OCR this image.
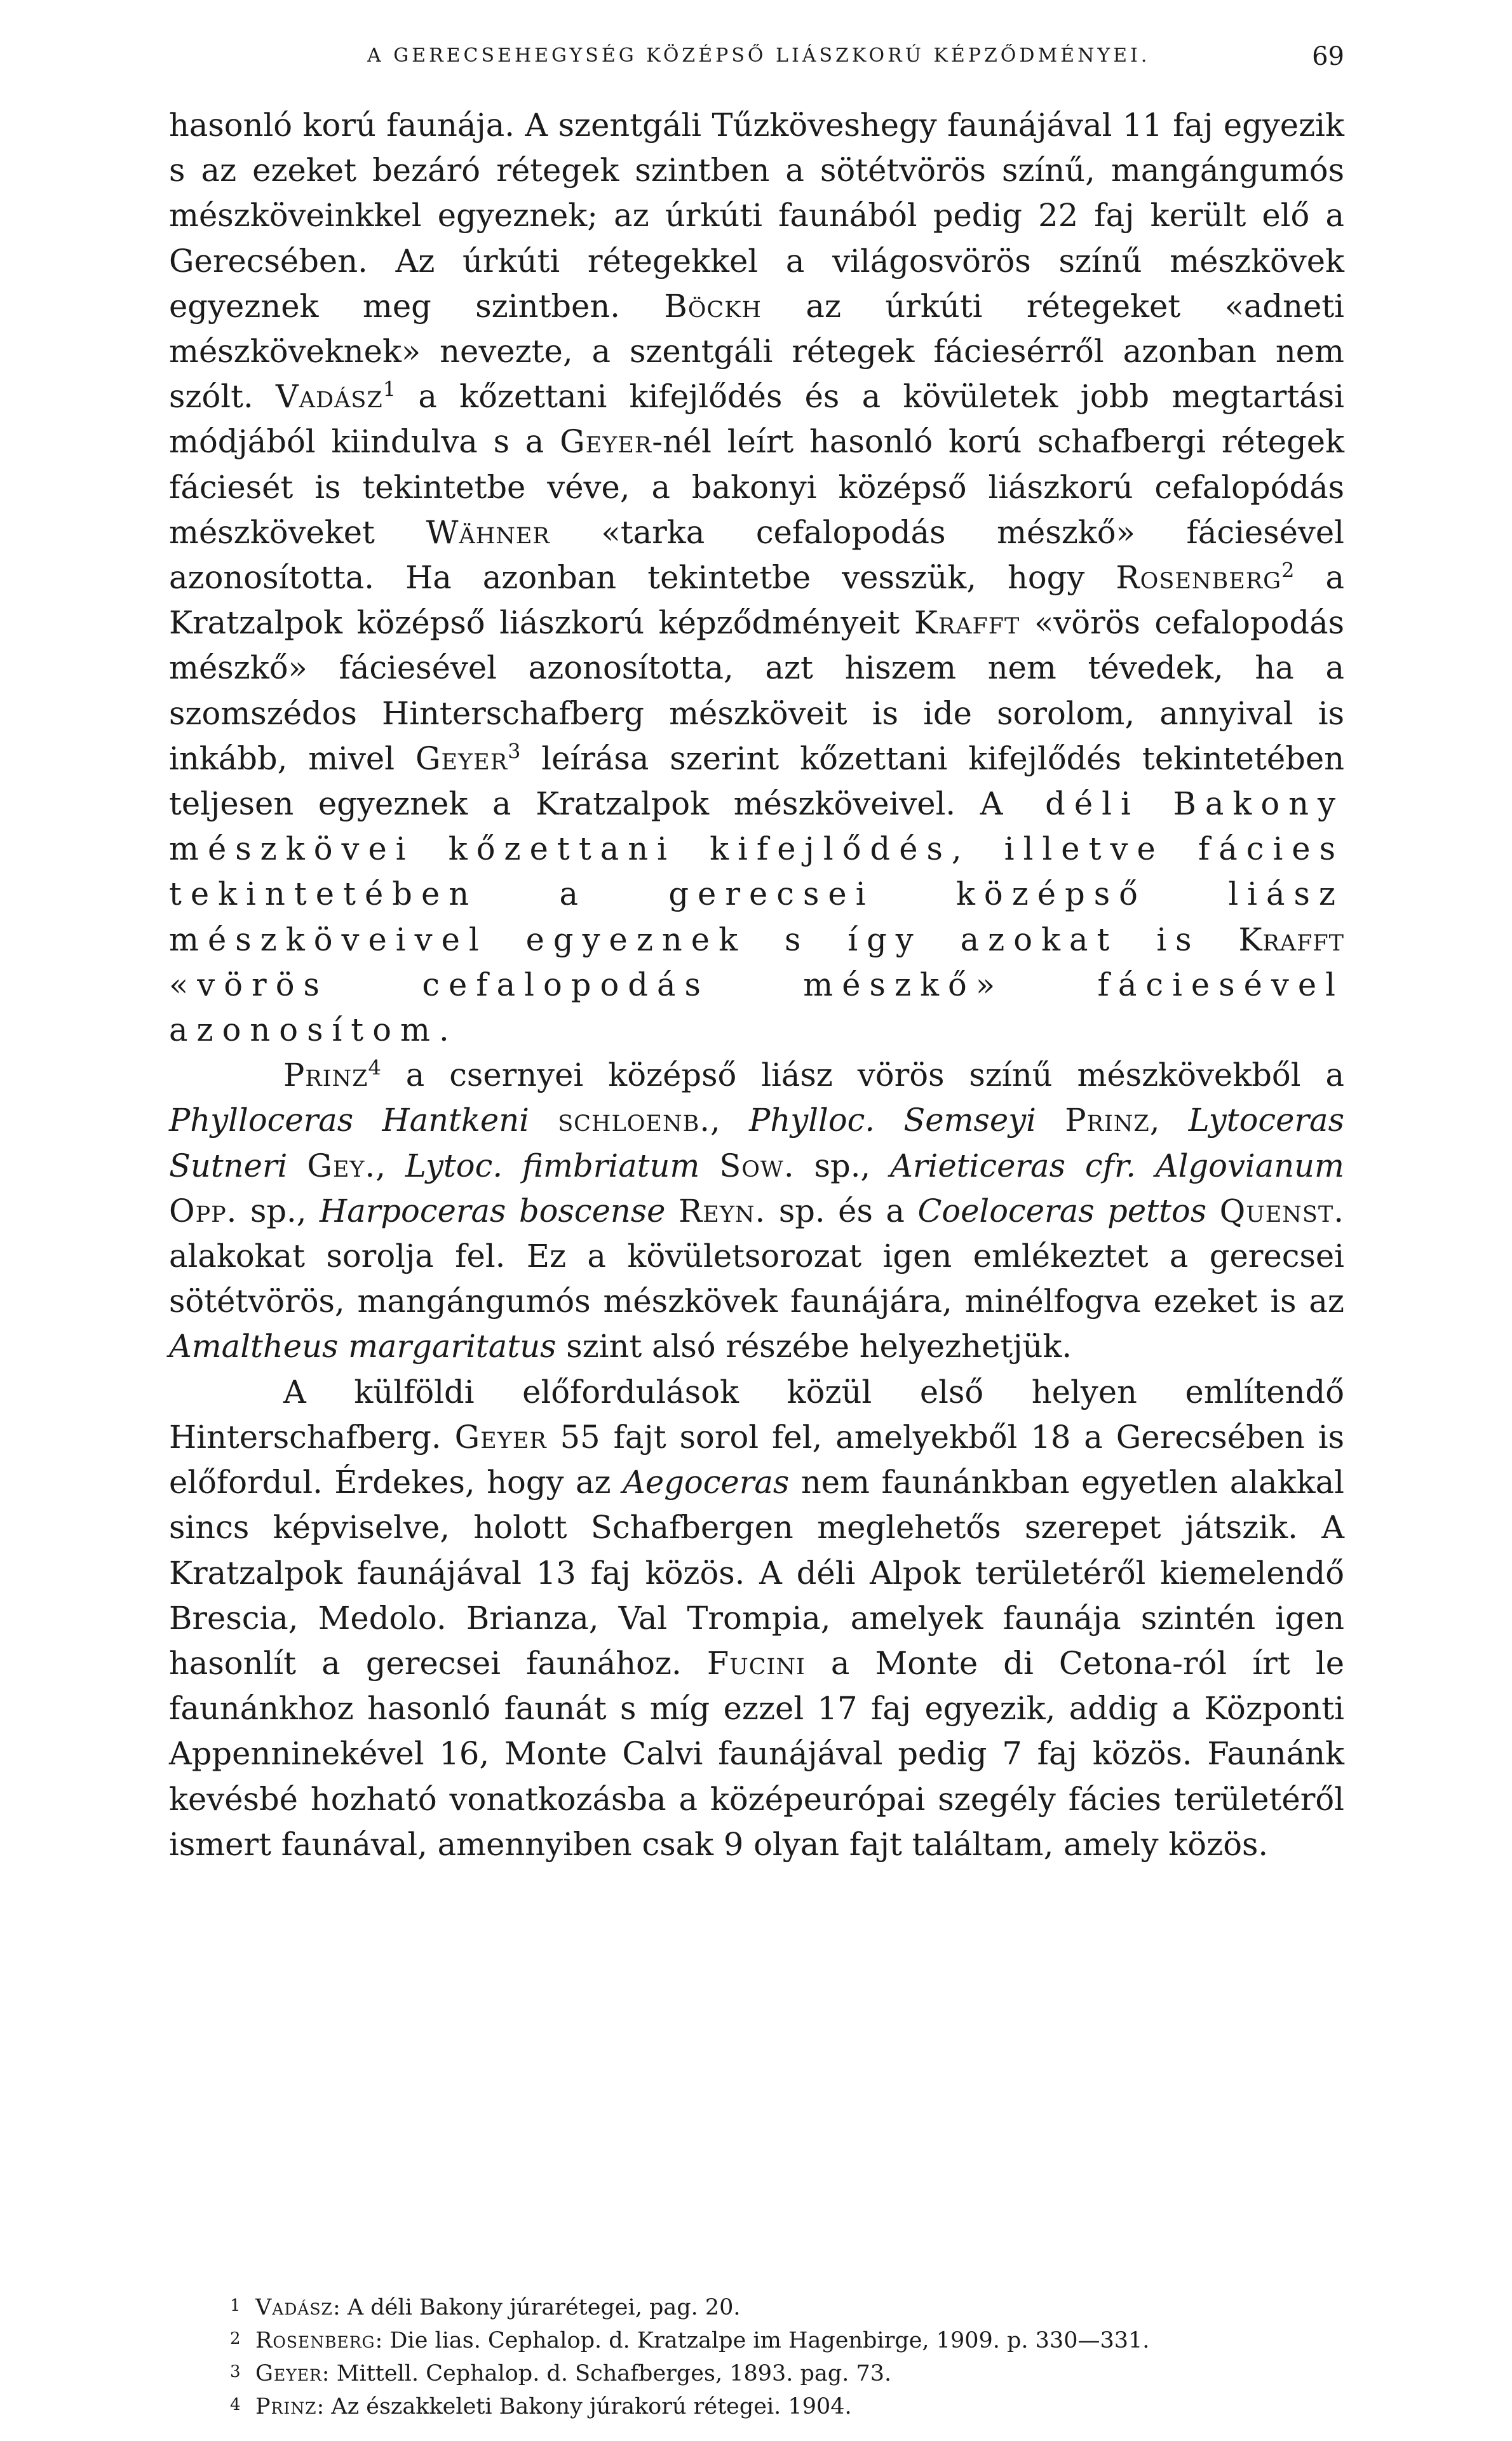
A GERECSEHEGYSÉG KÖZÉPSŐ LIÁSZKORÚ KÉPZŐDMÉNYEI.	69

hasonló korú faunája. A szentgáli Tűzköveshegy faunájával 11 faj egyezik s az ezeket bezáró rétegek szintben a sötétvörös színű, mangángumós mészköveinkkel egyeznek; az úrkúti faunából pedig 22 faj került elő a Gerecsében. Az úrkúti rétegekkel a világosvörös színű mészkövek egyeznek meg szintben. Böckh az úrkúti rétegeket «adneti mészköveknek» nevezte, a szentgáli rétegek fáciesérről azonban nem szólt. Vadász$^1$ a kőzettani kifejlődés és a kövületek jobb megtartási módjából kiindulva s a Geyer-nél leírt hasonló korú schafbergi rétegek fáciesét is tekintetbe véve, a bakonyi középső liászkorú cefalopódás mészköveket Wähner «tarka cefalopodás mészkő» fáciesével azonosította. Ha azonban tekintetbe vesszük, hogy Rosenberg$^2$ a Kratzalpok középső liászkorú képződményeit Krafft «vörös cefalopodás mészkő» fáciesével azonosította, azt hiszem nem tévedek, ha a szomszédos Hinterschafberg mészköveit is ide sorolom, annyival is inkább, mivel Geyer$^3$ leírása szerint kőzettani kifejlődés tekintetében teljesen egyeznek a Kratzalpok mészköveivel. A déli Bakony mészkövei kőzettani kifejlődés, illetve fácies tekintetében a gerecsei középső liász mészköveivel egyeznek s így azokat is Krafft «vörös cefalopodás mészkő» fáciesével azonosítom.

Prinz$^4$ a csernyei középső liász vörös színű mészkövekből a Phylloceras Hantkeni schloenb., Phylloc. Semseyi Prinz, Lytoceras Sutneri Gey., Lytoc. fimbriatum Sow. sp., Arieticeras cfr. Algovianum Opp. sp., Harpoceras boscense Reyn. sp. és a Coeloceras pettos Quenst. alakokat sorolja fel. Ez a kövületsorozat igen emlékeztet a gerecsei sötétvörös, mangángumós mészkövek faunájára, minélfogva ezeket is az Amaltheus margaritatus szint alsó részébe helyezhetjük.

A külföldi előfordulások közül első helyen említendő Hinterschafberg. Geyer 55 fajt sorol fel, amelyekből 18 a Gerecsében is előfordul. Érdekes, hogy az Aegoceras nem faunánkban egyetlen alakkal sincs képviselve, holott Schafbergen meglehetős szerepet játszik. A Kratzalpok faunájával 13 faj közös. A déli Alpok területéről kiemelendő Brescia, Medolo. Brianza, Val Trompia, amelyek faunája szintén igen hasonlít a gerecsei faunához. Fucini a Monte di Cetona-ról írt le faunánkhoz hasonló faunát s míg ezzel 17 faj egyezik, addig a Központi Appenninekével 16, Monte Calvi faunájával pedig 7 faj közös. Faunánk kevésbé hozható vonatkozásba a középeurópai szegély fácies területéről ismert faunával, amennyiben csak 9 olyan fajt találtam, amely közös.

1 Vadász: A déli Bakony júrarétegei, pag. 20.

2 Rosenberg: Die lias. Cephalop. d. Kratzalpe im Hagenbirge, 1909. p. 330—331.

3 Geyer: Mittell. Cephalop. d. Schafberges, 1893. pag. 73.

4 Prinz: Az északkeleti Bakony júrakorú rétegei. 1904.
